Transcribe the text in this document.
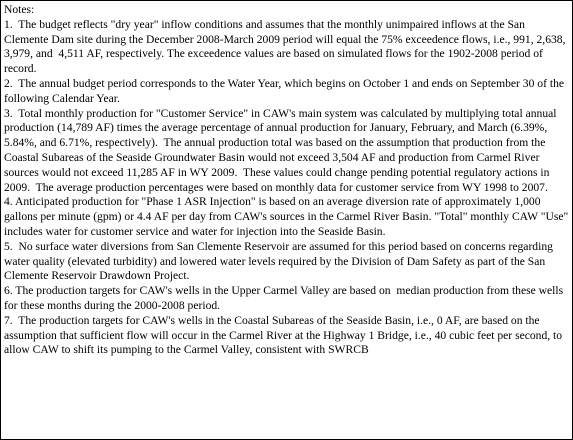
Notes:
1.  The budget reflects "dry year" inflow conditions and assumes that the monthly unimpaired inflows at the San Clemente Dam site during the December 2008-March 2009 period will equal the 75% exceedence flows, i.e., 991, 2,638, 3,979, and  4,511 AF, respectively. The exceedence values are based on simulated flows for the 1902-2008 period of record.
2.  The annual budget period corresponds to the Water Year, which begins on October 1 and ends on September 30 of the following Calendar Year.
3.  Total monthly production for "Customer Service" in CAW's main system was calculated by multiplying total annual production (14,789 AF) times the average percentage of annual production for January, February, and March (6.39%, 5.84%, and 6.71%, respectively).  The annual production total was based on the assumption that production from the Coastal Subareas of the Seaside Groundwater Basin would not exceed 3,504 AF and production from Carmel River sources would not exceed 11,285 AF in WY 2009.  These values could change pending potential regulatory actions in 2009.  The average production percentages were based on monthly data for customer service from WY 1998 to 2007.
4. Anticipated production for "Phase 1 ASR Injection" is based on an average diversion rate of approximately 1,000 gallons per minute (gpm) or 4.4 AF per day from CAW's sources in the Carmel River Basin. "Total" monthly CAW "Use" includes water for customer service and water for injection into the Seaside Basin.
5.  No surface water diversions from San Clemente Reservoir are assumed for this period based on concerns regarding water quality (elevated turbidity) and lowered water levels required by the Division of Dam Safety as part of the San Clemente Reservoir Drawdown Project.
6. The production targets for CAW's wells in the Upper Carmel Valley are based on  median production from these wells for these months during the 2000-2008 period.
7.  The production targets for CAW's wells in the Coastal Subareas of the Seaside Basin, i.e., 0 AF, are based on the assumption that sufficient flow will occur in the Carmel River at the Highway 1 Bridge, i.e., 40 cubic feet per second, to allow CAW to shift its pumping to the Carmel Valley, consistent with SWRCB
